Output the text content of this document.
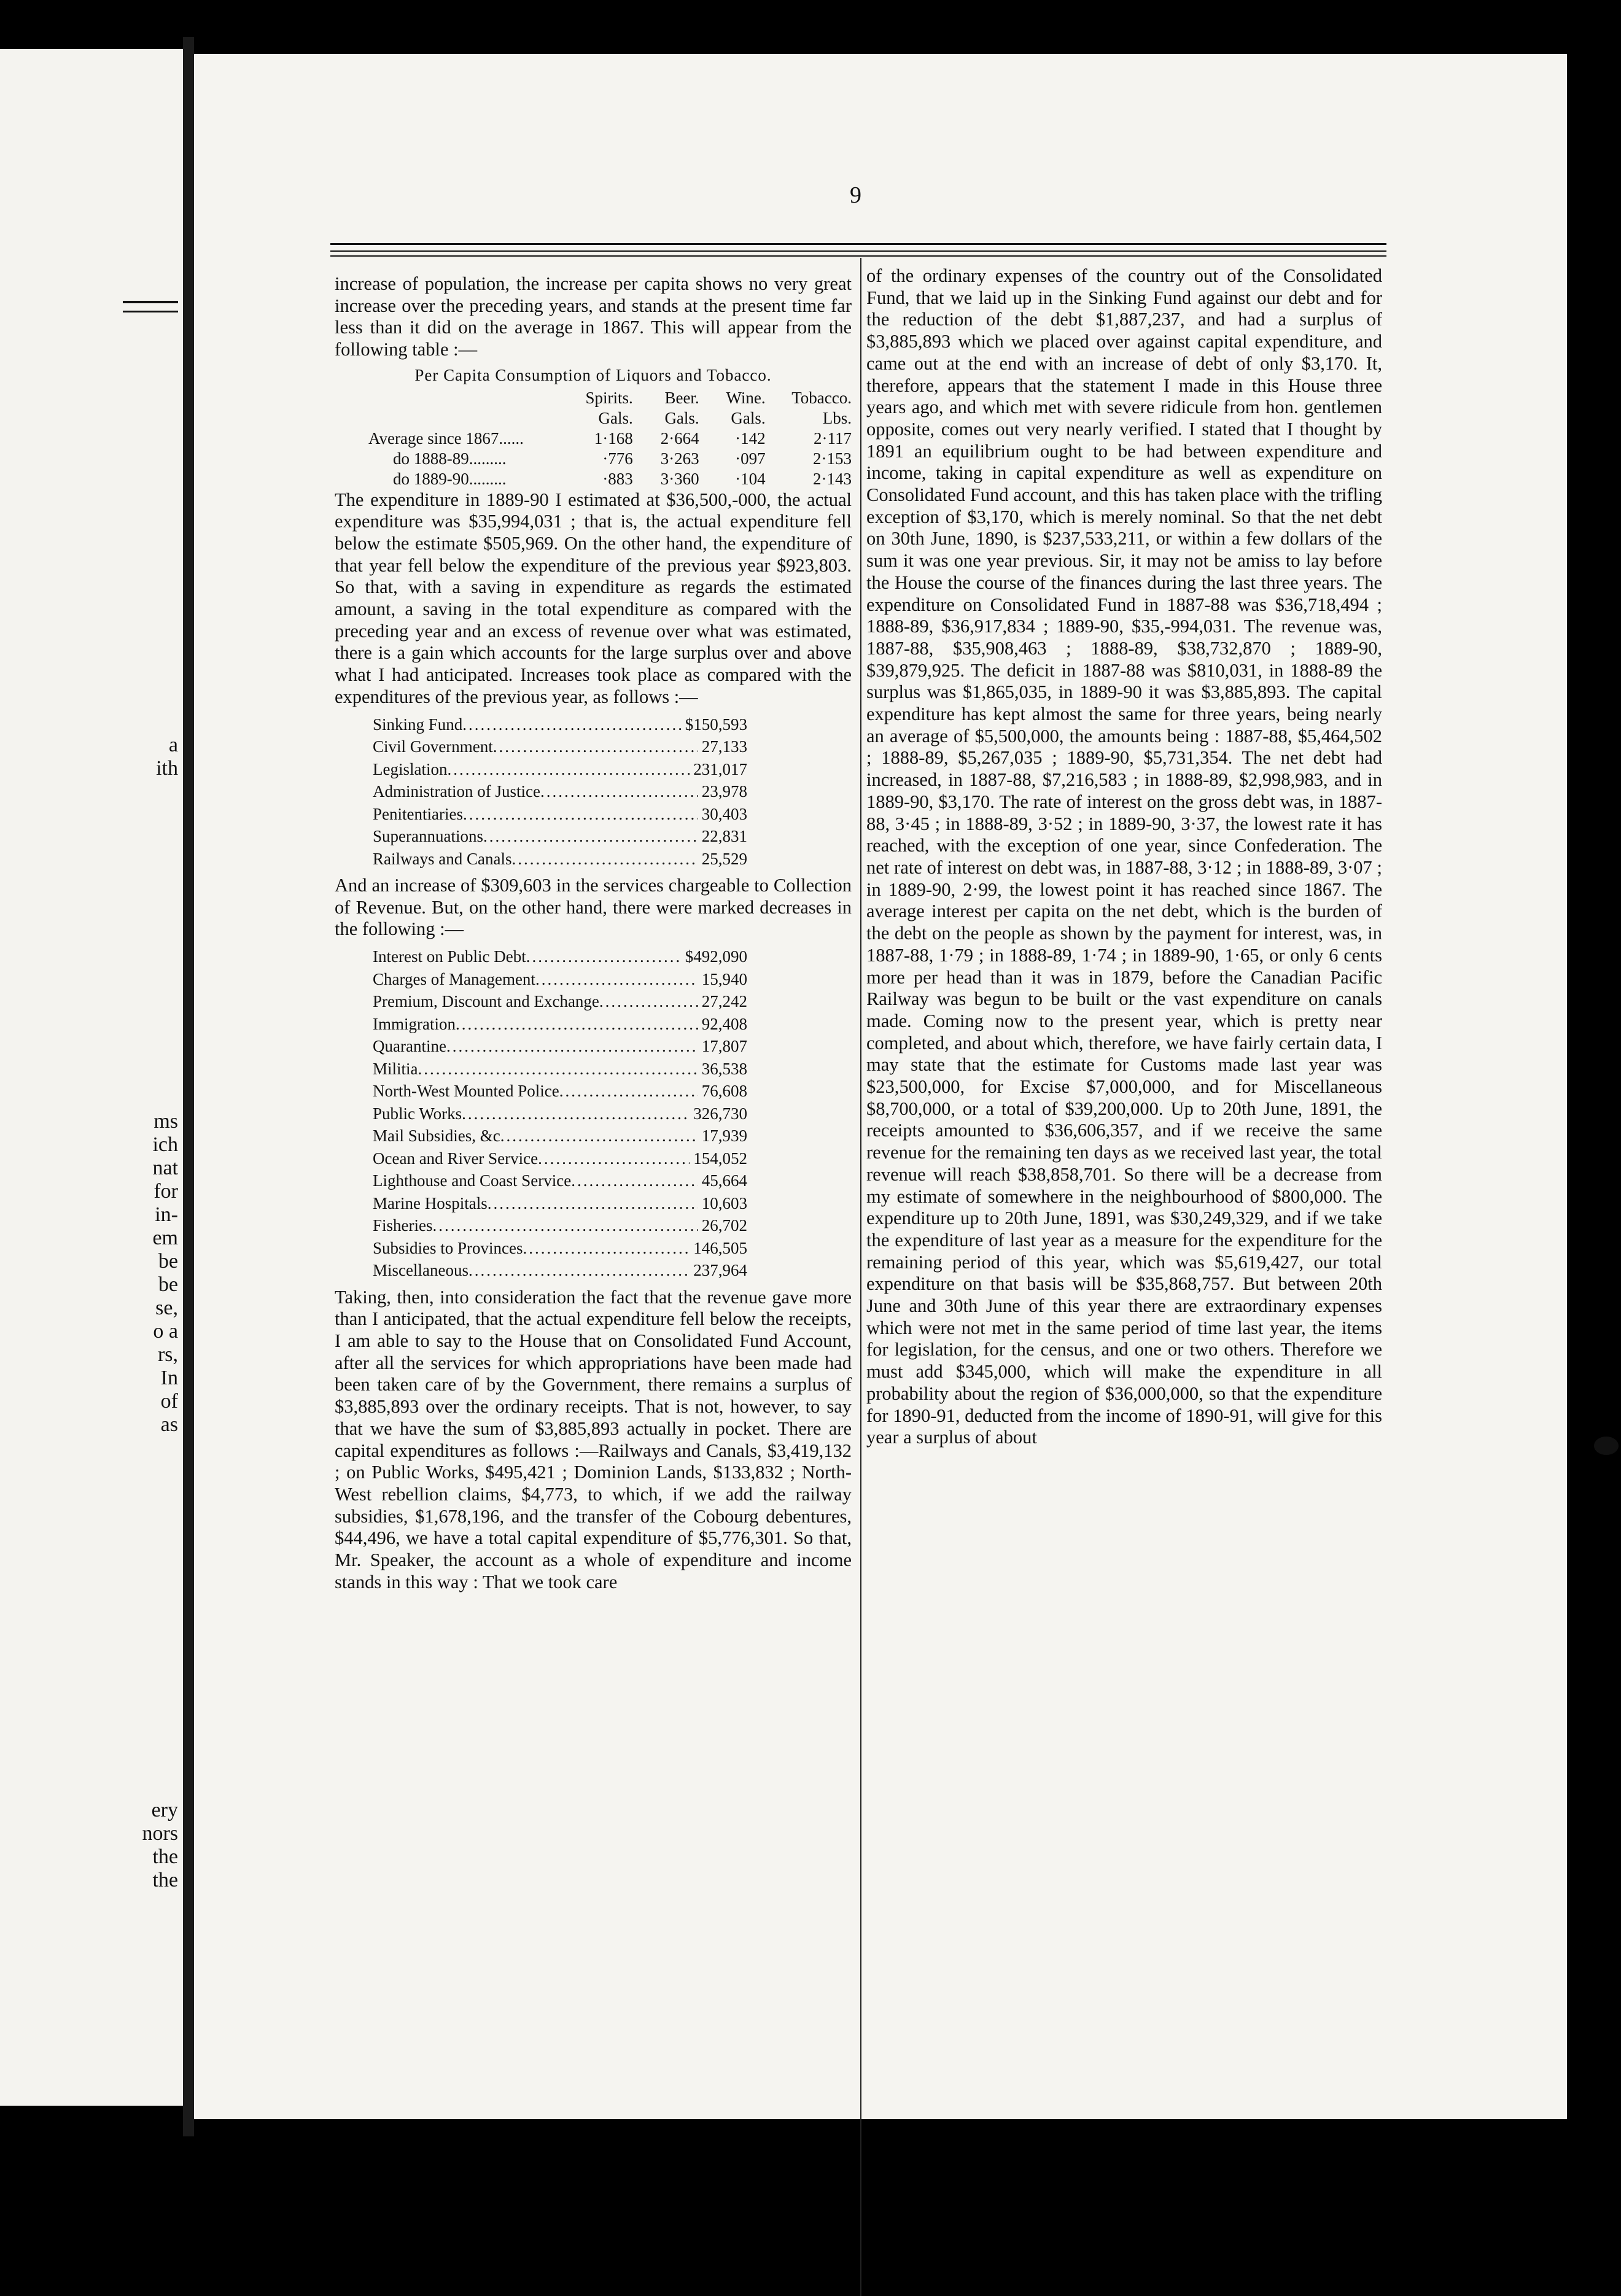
a
ith
ms
ich
nat
for
in-
em
be
be
se,
o a
rs,
In
of
as
ery
nors
the
the
9

increase of population, the increase per capita shows no very great increase over the preceding years, and stands at the present time far less than it did on the average in 1867. This will appear from the following table :—

Per Capita Consumption of Liquors and Tobacco.
	Spirits.	Beer.	Wine.	Tobacco.
	Gals.	Gals.	Gals.	Lbs.
Average since 1867......	1·168	2·664	·142	2·117
do 1888-89.........	·776	3·263	·097	2·153
do 1889-90.........	·883	3·360	·104	2·143

The expenditure in 1889-90 I estimated at $36,500,-000, the actual expenditure was $35,994,031 ; that is, the actual expenditure fell below the estimate $505,969. On the other hand, the expenditure of that year fell below the expenditure of the previous year $923,803. So that, with a saving in expenditure as regards the estimated amount, a saving in the total expenditure as compared with the preceding year and an excess of revenue over what was estimated, there is a gain which accounts for the large surplus over and above what I had anticipated. Increases took place as compared with the expenditures of the previous year, as follows :—

Sinking Fund .....	$150,593
Civil Government .....	27,133
Legislation .....	231,017
Administration of Justice .....	23,978
Penitentiaries .....	30,403
Superannuations .....	22,831
Railways and Canals .....	25,529

And an increase of $309,603 in the services chargeable to Collection of Revenue. But, on the other hand, there were marked decreases in the following :—

Interest on Public Debt .....	$492,090
Charges of Management .....	15,940
Premium, Discount and Exchange .....	27,242
Immigration .....	92,408
Quarantine .....	17,807
Militia .....	36,538
North-West Mounted Police .....	76,608
Public Works .....	326,730
Mail Subsidies, &c .....	17,939
Ocean and River Service .....	154,052
Lighthouse and Coast Service .....	45,664
Marine Hospitals .....	10,603
Fisheries .....	26,702
Subsidies to Provinces .....	146,505
Miscellaneous .....	237,964

Taking, then, into consideration the fact that the revenue gave more than I anticipated, that the actual expenditure fell below the receipts, I am able to say to the House that on Consolidated Fund Account, after all the services for which appropriations have been made had been taken care of by the Government, there remains a surplus of $3,885,893 over the ordinary receipts. That is not, however, to say that we have the sum of $3,885,893 actually in pocket. There are capital expenditures as follows :—Railways and Canals, $3,419,132 ; on Public Works, $495,421 ; Dominion Lands, $133,832 ; North-West rebellion claims, $4,773, to which, if we add the railway subsidies, $1,678,196, and the transfer of the Cobourg debentures, $44,496, we have a total capital expenditure of $5,776,301. So that, Mr. Speaker, the account as a whole of expenditure and income stands in this way : That we took care

of the ordinary expenses of the country out of the Consolidated Fund, that we laid up in the Sinking Fund against our debt and for the reduction of the debt $1,887,237, and had a surplus of $3,885,893 which we placed over against capital expenditure, and came out at the end with an increase of debt of only $3,170. It, therefore, appears that the statement I made in this House three years ago, and which met with severe ridicule from hon. gentlemen opposite, comes out very nearly verified. I stated that I thought by 1891 an equilibrium ought to be had between expenditure and income, taking in capital expenditure as well as expenditure on Consolidated Fund account, and this has taken place with the trifling exception of $3,170, which is merely nominal. So that the net debt on 30th June, 1890, is $237,533,211, or within a few dollars of the sum it was one year previous. Sir, it may not be amiss to lay before the House the course of the finances during the last three years. The expenditure on Consolidated Fund in 1887-88 was $36,718,494 ; 1888-89, $36,917,834 ; 1889-90, $35,-994,031. The revenue was, 1887-88, $35,908,463 ; 1888-89, $38,732,870 ; 1889-90, $39,879,925. The deficit in 1887-88 was $810,031, in 1888-89 the surplus was $1,865,035, in 1889-90 it was $3,885,893. The capital expenditure has kept almost the same for three years, being nearly an average of $5,500,000, the amounts being : 1887-88, $5,464,502 ; 1888-89, $5,267,035 ; 1889-90, $5,731,354. The net debt had increased, in 1887-88, $7,216,583 ; in 1888-89, $2,998,983, and in 1889-90, $3,170. The rate of interest on the gross debt was, in 1887-88, 3·45 ; in 1888-89, 3·52 ; in 1889-90, 3·37, the lowest rate it has reached, with the exception of one year, since Confederation. The net rate of interest on debt was, in 1887-88, 3·12 ; in 1888-89, 3·07 ; in 1889-90, 2·99, the lowest point it has reached since 1867. The average interest per capita on the net debt, which is the burden of the debt on the people as shown by the payment for interest, was, in 1887-88, 1·79 ; in 1888-89, 1·74 ; in 1889-90, 1·65, or only 6 cents more per head than it was in 1879, before the Canadian Pacific Railway was begun to be built or the vast expenditure on canals made. Coming now to the present year, which is pretty near completed, and about which, therefore, we have fairly certain data, I may state that the estimate for Customs made last year was $23,500,000, for Excise $7,000,000, and for Miscellaneous $8,700,000, or a total of $39,200,000. Up to 20th June, 1891, the receipts amounted to $36,606,357, and if we receive the same revenue for the remaining ten days as we received last year, the total revenue will reach $38,858,701. So there will be a decrease from my estimate of somewhere in the neighbourhood of $800,000. The expenditure up to 20th June, 1891, was $30,249,329, and if we take the expenditure of last year as a measure for the expenditure for the remaining period of this year, which was $5,619,427, our total expenditure on that basis will be $35,868,757. But between 20th June and 30th June of this year there are extraordinary expenses which were not met in the same period of time last year, the items for legislation, for the census, and one or two others. Therefore we must add $345,000, which will make the expenditure in all probability about the region of $36,000,000, so that the expenditure for 1890-91, deducted from the income of 1890-91, will give for this year a surplus of about
